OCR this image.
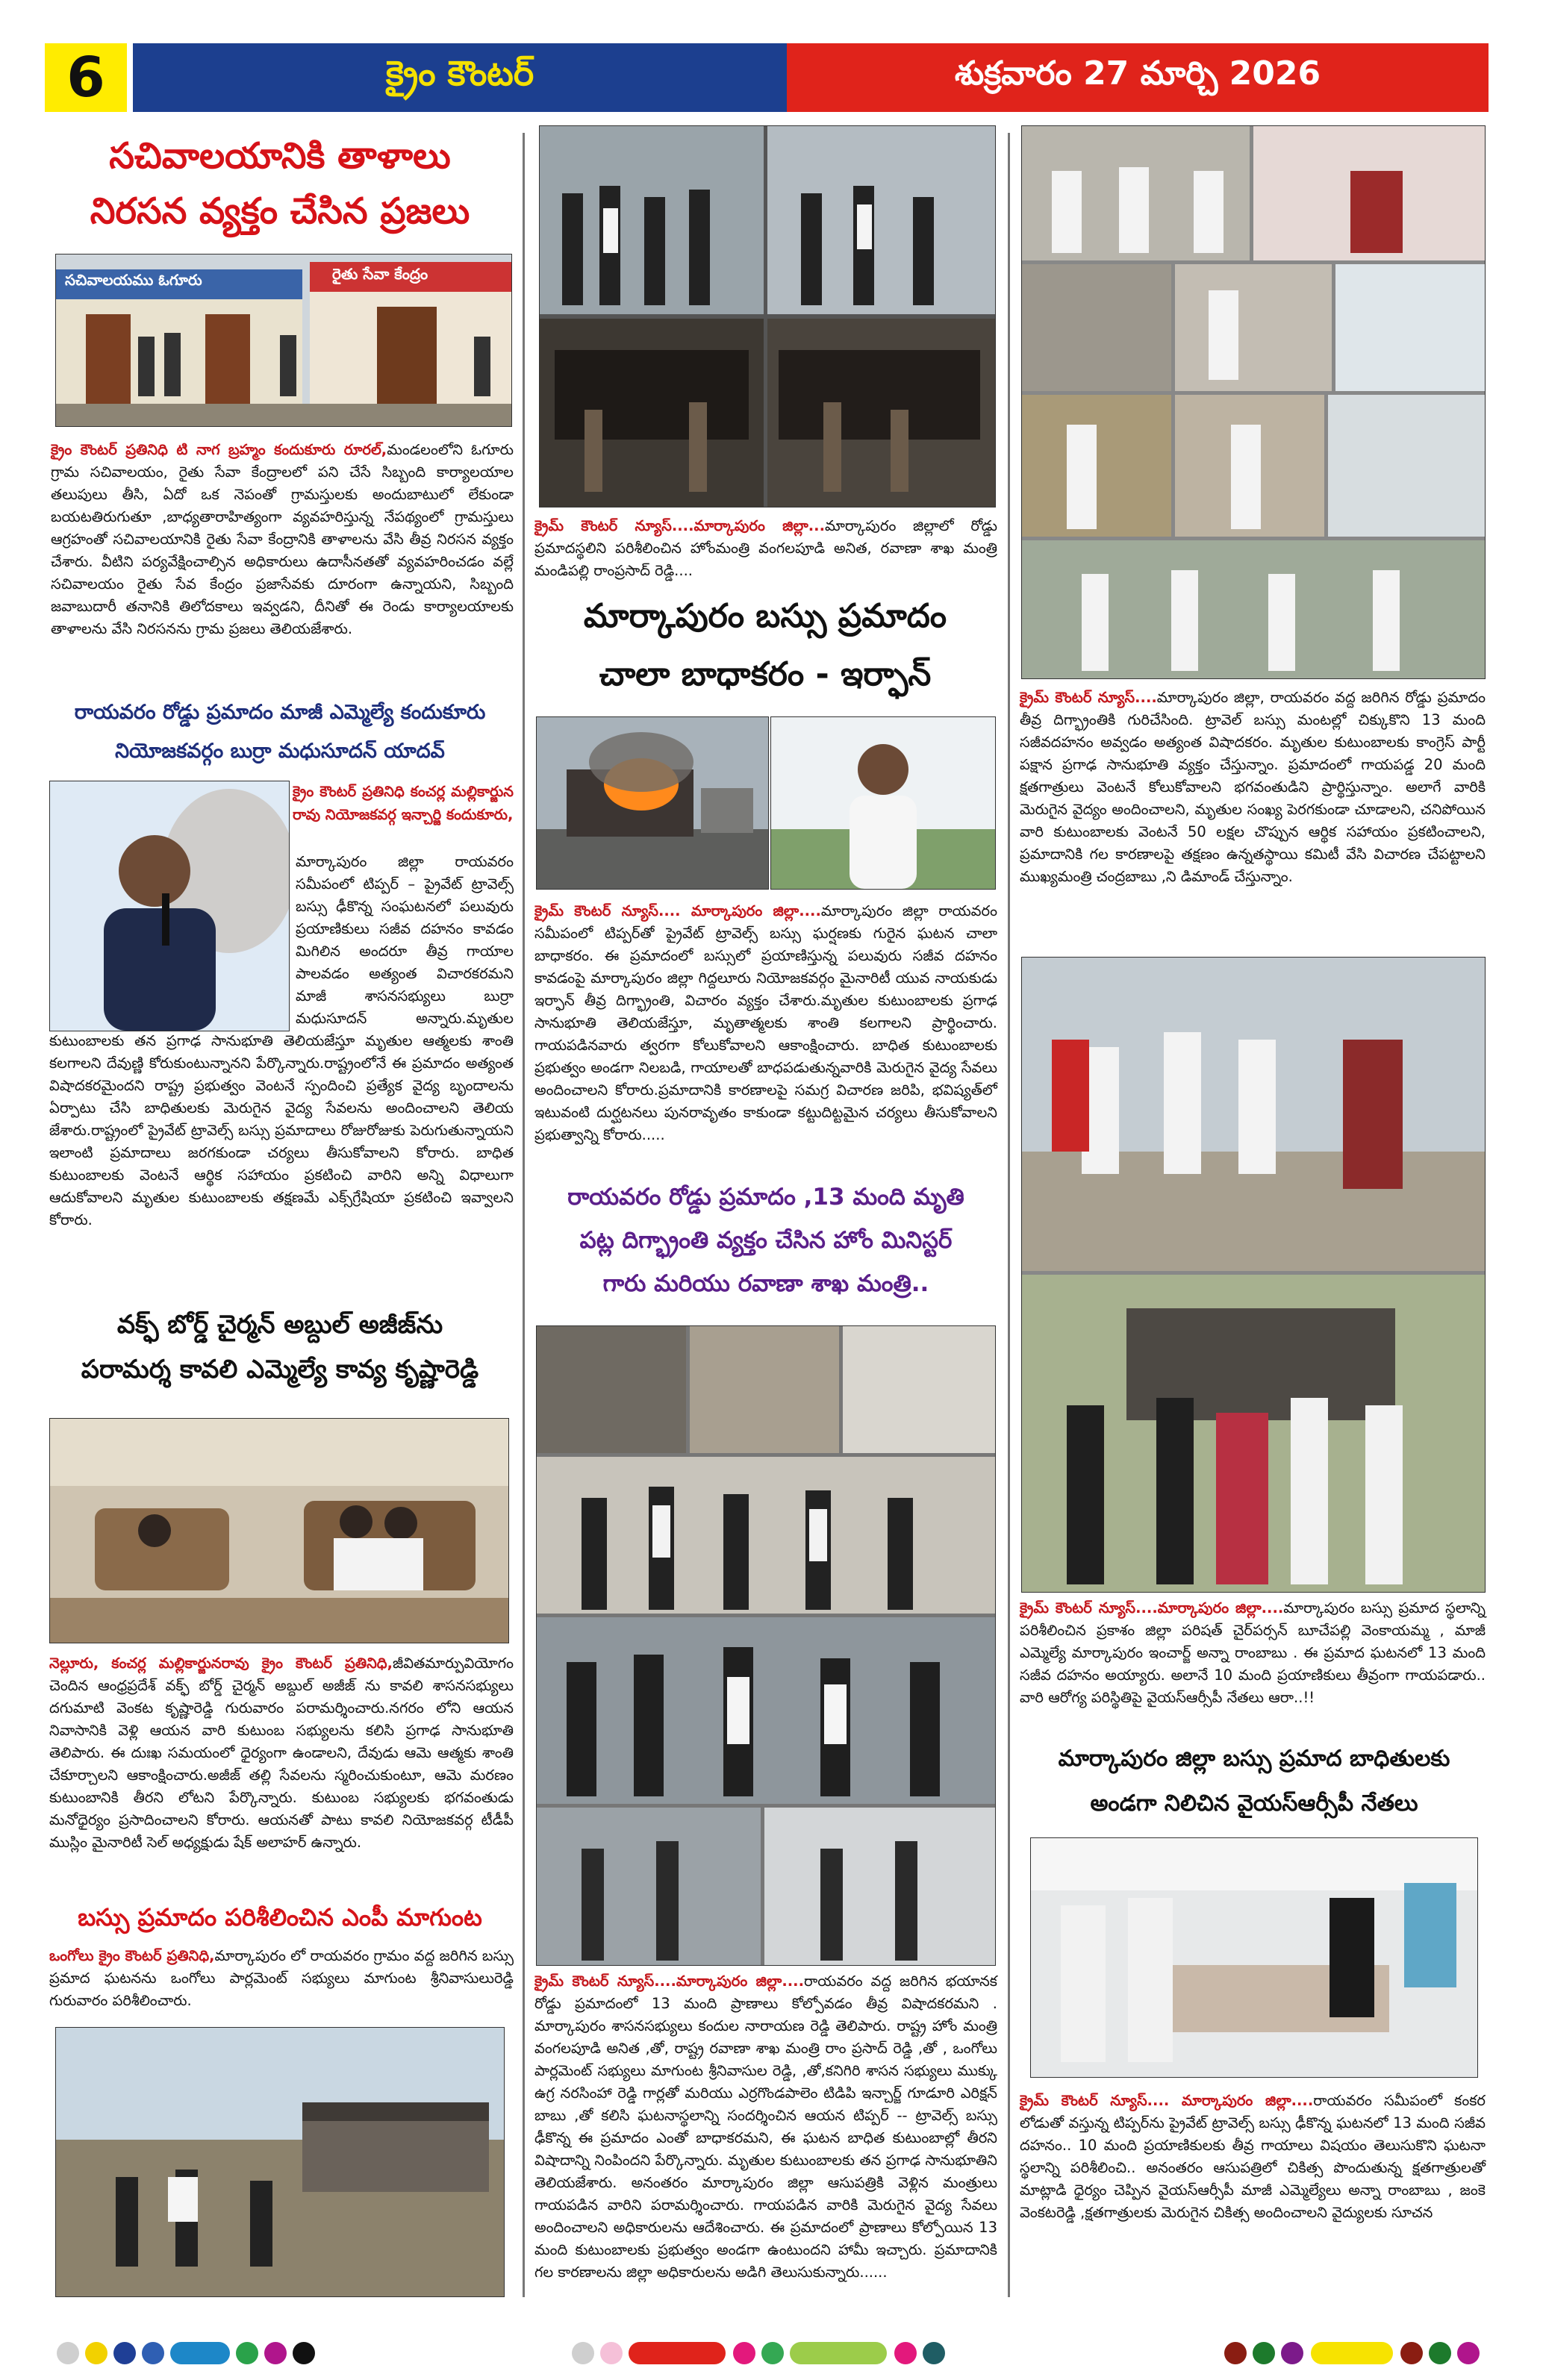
6	క్రైం కౌంటర్	శుక్రవారం 27 మార్చి 2026
సచివాలయానికి తాళాలు
నిరసన వ్యక్తం చేసిన ప్రజలు
సచివాలయము ఓగూరు	రైతు సేవా కేంద్రం
క్రైం కౌంటర్ ప్రతినిధి టి నాగ బ్రహ్మం కందుకూరు రూరల్,మండలంలోని ఓగూరు గ్రామ సచివాలయం, రైతు సేవా కేంద్రాలలో పని చేసే సిబ్బంది కార్యాలయాల తలుపులు తీసి, ఏదో ఒక నెపంతో గ్రామస్తులకు అందుబాటులో లేకుండా బయటతిరుగుతూ ,బాధ్యతారాహిత్యంగా వ్యవహరిస్తున్న నేపథ్యంలో గ్రామస్తులు ఆగ్రహంతో సచివాలయానికి రైతు సేవా కేంద్రానికి తాళాలను వేసి తీవ్ర నిరసన వ్యక్తం చేశారు. వీటిని పర్యవేక్షించాల్సిన అధికారులు ఉదాసీనతతో వ్యవహరించడం వల్లే సచివాలయం రైతు సేవ కేంద్రం ప్రజాసేవకు దూరంగా ఉన్నాయని, సిబ్బంది జవాబుదారీ తనానికి తిలోదకాలు ఇవ్వడని, దీనితో ఈ రెండు కార్యాలయాలకు తాళాలను వేసి నిరసనను గ్రామ ప్రజలు తెలియజేశారు.
రాయవరం రోడ్డు ప్రమాదం మాజీ ఎమ్మెల్యే కందుకూరు
నియోజకవర్గం బుర్రా మధుసూదన్ యాదవ్
క్రైం కౌంటర్ ప్రతినిధి కంచర్ల మల్లికార్జున రావు నియోజకవర్గ ఇన్చార్జి కందుకూరు,
మార్కాపురం జిల్లా రాయవరం సమీపంలో టిప్పర్ – ప్రైవేట్ ట్రావెల్స్ బస్సు ఢీకొన్న సంఘటనలో పలువురు ప్రయాణికులు సజీవ దహనం కావడం మిగిలిన అందరూ తీవ్ర గాయాల పాలవడం అత్యంత విచారకరమని మాజీ శాసనసభ్యులు బుర్రా మధుసూదన్ అన్నారు.మృతుల కుటుంబాలకు తన ప్రగాఢ సానుభూతి తెలియజేస్తూ మృతుల ఆత్మలకు శాంతి కలగాలని దేవుణ్ణి కోరుకుంటున్నానని పేర్కొన్నారు.రాష్ట్రంలోనే ఈ ప్రమాదం అత్యంత విషాదకరమైందని రాష్ట్ర ప్రభుత్వం వెంటనే స్పందించి ప్రత్యేక వైద్య బృందాలను ఏర్పాటు చేసి బాధితులకు మెరుగైన వైద్య సేవలను అందించాలని తెలియ జేశారు.రాష్ట్రంలో ప్రైవేట్ ట్రావెల్స్ బస్సు ప్రమాదాలు రోజురోజుకు పెరుగుతున్నాయని ఇలాంటి ప్రమాదాలు జరగకుండా చర్యలు తీసుకోవాలని కోరారు. బాధిత కుటుంబాలకు వెంటనే ఆర్థిక సహాయం ప్రకటించి వారిని అన్ని విధాలుగా ఆదుకోవాలని మృతుల కుటుంబాలకు తక్షణమే ఎక్స్‌గ్రేషియా ప్రకటించి ఇవ్వాలని కోరారు.
వక్ఫ్ బోర్డ్ చైర్మన్ అబ్దుల్ అజీజ్‌ను
పరామర్శ కావలి ఎమ్మెల్యే కావ్య కృష్ణారెడ్డి
నెల్లూరు, కంచర్ల మల్లికార్జునరావు క్రైం కౌంటర్ ప్రతినిధి,జీవితమార్పువియోగం చెందిన ఆంధ్రప్రదేశ్ వక్ఫ్ బోర్డ్ చైర్మన్ అబ్దుల్ అజీజ్ ను కావలి శాసనసభ్యులు దగుమాటి వెంకట కృష్ణారెడ్డి గురువారం పరామర్శించారు.నగరం లోని ఆయన నివాసానికి వెళ్లి ఆయన వారి కుటుంబ సభ్యులను కలిసి ప్రగాఢ సానుభూతి తెలిపారు. ఈ దుఃఖ సమయంలో ధైర్యంగా ఉండాలని, దేవుడు ఆమె ఆత్మకు శాంతి చేకూర్చాలని ఆకాంక్షించారు.అజీజ్ తల్లి సేవలను స్మరించుకుంటూ, ఆమె మరణం కుటుంబానికి తీరని లోటని పేర్కొన్నారు. కుటుంబ సభ్యులకు భగవంతుడు మనోధైర్యం ప్రసాదించాలని కోరారు. ఆయనతో పాటు కావలి నియోజకవర్గ టీడీపీ ముస్లిం మైనారిటీ సెల్ అధ్యక్షుడు షేక్ అలాహర్ ఉన్నారు.
బస్సు ప్రమాదం పరిశీలించిన ఎంపీ మాగుంట
ఒంగోలు క్రైం కౌంటర్ ప్రతినిధి,మార్కాపురం లో రాయవరం గ్రామం వద్ద జరిగిన బస్సు ప్రమాద ఘటనను ఒంగోలు పార్లమెంట్ సభ్యులు మాగుంట శ్రీనివాసులురెడ్డి గురువారం పరిశీలించారు.
క్రైమ్ కౌంటర్ న్యూస్....మార్కాపురం జిల్లా...మార్కాపురం జిల్లాలో రోడ్డు ప్రమాదస్థలిని పరిశీలించిన హోంమంత్రి వంగలపూడి అనిత, రవాణా శాఖ మంత్రి మండిపల్లి రాంప్రసాద్ రెడ్డి....
మార్కాపురం బస్సు ప్రమాదం
చాలా బాధాకరం - ఇర్ఫాన్
క్రైమ్ కౌంటర్ న్యూస్.... మార్కాపురం జిల్లా....మార్కాపురం జిల్లా రాయవరం సమీపంలో టిప్పర్‌తో ప్రైవేట్ ట్రావెల్స్ బస్సు ఘర్షణకు గురైన ఘటన చాలా బాధాకరం. ఈ ప్రమాదంలో బస్సులో ప్రయాణిస్తున్న పలువురు సజీవ దహనం కావడంపై మార్కాపురం జిల్లా గిద్దలూరు నియోజకవర్గం మైనారిటీ యువ నాయకుడు ఇర్ఫాన్ తీవ్ర దిగ్భ్రాంతి, విచారం వ్యక్తం చేశారు.మృతుల కుటుంబాలకు ప్రగాఢ సానుభూతి తెలియజేస్తూ, మృతాత్మలకు శాంతి కలగాలని ప్రార్థించారు. గాయపడినవారు త్వరగా కోలుకోవాలని ఆకాంక్షించారు. బాధిత కుటుంబాలకు ప్రభుత్వం అండగా నిలబడి, గాయాలతో బాధపడుతున్నవారికి మెరుగైన వైద్య సేవలు అందించాలని కోరారు.ప్రమాదానికి కారణాలపై సమగ్ర విచారణ జరిపి, భవిష్యత్‌లో ఇటువంటి దుర్ఘటనలు పునరావృతం కాకుండా కట్టుదిట్టమైన చర్యలు తీసుకోవాలని ప్రభుత్వాన్ని కోరారు.....
రాయవరం రోడ్డు ప్రమాదం ,13 మంది మృతి
పట్ల దిగ్భ్రాంతి వ్యక్తం చేసిన హోం మినిస్టర్
గారు మరియు రవాణా శాఖ మంత్రి..
క్రైమ్ కౌంటర్ న్యూస్....మార్కాపురం జిల్లా....రాయవరం వద్ద జరిగిన భయానక రోడ్డు ప్రమాదంలో 13 మంది ప్రాణాలు కోల్పోవడం తీవ్ర విషాదకరమని . మార్కాపురం శాసనసభ్యులు కందుల నారాయణ రెడ్డి తెలిపారు. రాష్ట్ర హోం మంత్రి వంగలపూడి అనిత ,తో, రాష్ట్ర రవాణా శాఖ మంత్రి రాం ప్రసాద్ రెడ్డి ,తో , ఒంగోలు పార్లమెంట్ సభ్యులు మాగుంట శ్రీనివాసుల రెడ్డి, ,తో,కనిగిరి శాసన సభ్యులు ముక్కు ఉగ్ర నరసింహా రెడ్డి గార్లతో మరియు ఎర్రగొండపాలెం టిడిపి ఇన్చార్జ్ గూడూరి ఎరిక్షన్ బాబు ,తో కలిసి ఘటనాస్థలాన్ని సందర్శించిన ఆయన టిప్పర్ -- ట్రావెల్స్ బస్సు ఢీకొన్న ఈ ప్రమాదం ఎంతో బాధాకరమని, ఈ ఘటన బాధిత కుటుంబాల్లో తీరని విషాదాన్ని నింపిందని పేర్కొన్నారు. మృతుల కుటుంబాలకు తన ప్రగాఢ సానుభూతిని తెలియజేశారు. అనంతరం మార్కాపురం జిల్లా ఆసుపత్రికి వెళ్లిన మంత్రులు గాయపడిన వారిని పరామర్శించారు. గాయపడిన వారికి మెరుగైన వైద్య సేవలు అందించాలని అధికారులను ఆదేశించారు. ఈ ప్రమాదంలో ప్రాణాలు కోల్పోయిన 13 మంది కుటుంబాలకు ప్రభుత్వం అండగా ఉంటుందని హామీ ఇచ్చారు. ప్రమాదానికి గల కారణాలను జిల్లా అధికారులను అడిగి తెలుసుకున్నారు......
క్రైమ్ కౌంటర్ న్యూస్....మార్కాపురం జిల్లా, రాయవరం వద్ద జరిగిన రోడ్డు ప్రమాదం తీవ్ర దిగ్భ్రాంతికి గురిచేసింది. ట్రావెల్ బస్సు మంటల్లో చిక్కుకొని 13 మంది సజీవదహనం అవ్వడం అత్యంత విషాదకరం. మృతుల కుటుంబాలకు కాంగ్రెస్ పార్టీ పక్షాన ప్రగాఢ సానుభూతి వ్యక్తం చేస్తున్నాం. ప్రమాదంలో గాయపడ్డ 20 మంది క్షతగాత్రులు వెంటనే కోలుకోవాలని భగవంతుడిని ప్రార్థిస్తున్నాం. అలాగే వారికి మెరుగైన వైద్యం అందించాలని, మృతుల సంఖ్య పెరగకుండా చూడాలని, చనిపోయిన వారి కుటుంబాలకు వెంటనే 50 లక్షల చొప్పున ఆర్థిక సహాయం ప్రకటించాలని, ప్రమాదానికి గల కారణాలపై తక్షణం ఉన్నతస్థాయి కమిటీ వేసి విచారణ చేపట్టాలని ముఖ్యమంత్రి చంద్రబాబు ,ని డిమాండ్ చేస్తున్నాం.
క్రైమ్ కౌంటర్ న్యూస్....మార్కాపురం జిల్లా....మార్కాపురం బస్సు ప్రమాద స్థలాన్ని పరిశీలించిన ప్రకాశం జిల్లా పరిషత్ చైర్‌పర్సన్ బూచేపల్లి వెంకాయమ్మ , మాజీ ఎమ్మెల్యే మార్కాపురం ఇంచార్జ్ అన్నా రాంబాబు . ఈ ప్రమాద ఘటనలో 13 మంది సజీవ దహనం అయ్యారు. అలానే 10 మంది ప్రయాణికులు తీవ్రంగా గాయపడారు.. వారి ఆరోగ్య పరిస్థితిపై వైయస్ఆర్సీపీ నేతలు ఆరా..!!
మార్కాపురం జిల్లా బస్సు ప్రమాద బాధితులకు
అండగా నిలిచిన వైయస్ఆర్సీపీ నేతలు
క్రైమ్ కౌంటర్ న్యూస్.... మార్కాపురం జిల్లా....రాయవరం సమీపంలో కంకర లోడుతో వస్తున్న టిప్పర్‌ను ప్రైవేట్ ట్రావెల్స్ బస్సు ఢీకొన్న ఘటనలో 13 మంది సజీవ దహనం.. 10 మంది ప్రయాణికులకు తీవ్ర గాయాలు విషయం తెలుసుకొని ఘటనా స్థలాన్ని పరిశీలించి.. అనంతరం ఆసుపత్రిలో చికిత్స పొందుతున్న క్షతగాత్రులతో మాట్లాడి ధైర్యం చెప్పిన వైయస్ఆర్సీపీ మాజీ ఎమ్మెల్యేలు అన్నా రాంబాబు , జంకె వెంకటరెడ్డి ,క్షతగాత్రులకు మెరుగైన చికిత్స అందించాలని వైద్యులకు సూచన
